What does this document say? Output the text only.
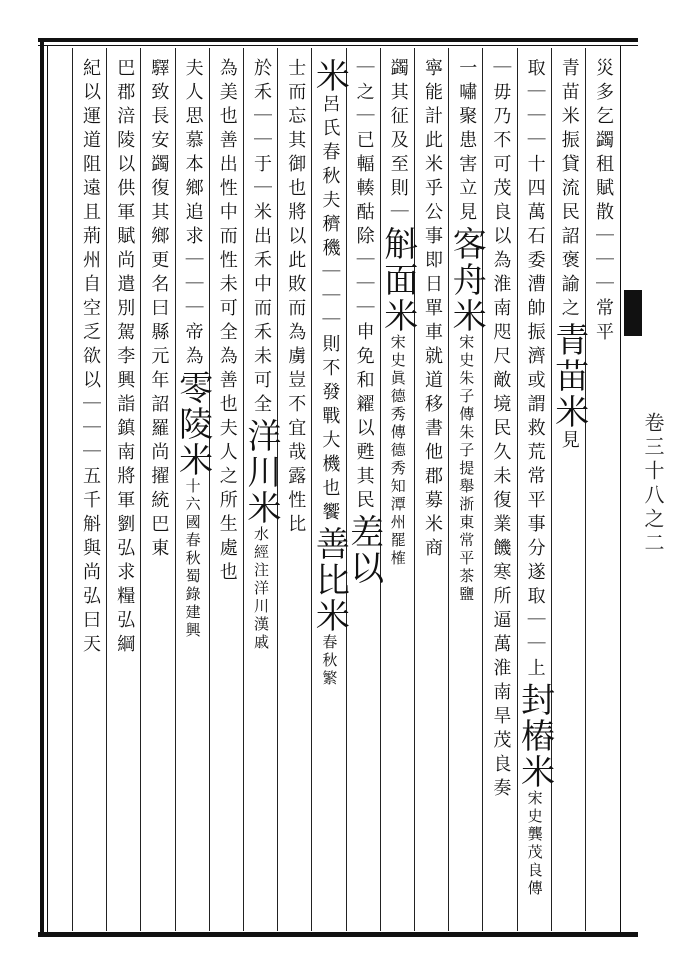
卷三十八之二
災多乞蠲租賦散｜｜｜常平
青苗米振貸流民詔褒諭之青苗米見
取｜｜｜十四萬石委漕帥振濟或謂救荒常平事分遂取｜｜上封樁米宋史龔茂良傳
｜毋乃不可茂良以為淮南咫尺敵境民久未復業饑寒所逼萬淮南旱茂良奏
一嘯聚患害立見客舟米宋史朱子傳朱子提舉浙東常平茶鹽
寧能計此米乎公事即日單車就道移書他郡募米商
蠲其征及至則｜斛面米宋史眞德秀傳德秀知潭州罷榷
｜之｜已輻輳酤除｜｜｜申免和糴以甦其民差以
米呂氏春秋夫穧穖｜｜｜則不發戰大機也饗善比米春秋繁
士而忘其御也將以此敗而為虜豈不宜哉露性比
於禾｜｜于｜米出禾中而禾未可全洋川米水經注洋川漢戚
為美也善出性中而性未可全為善也夫人之所生處也
夫人思慕本鄉追求｜｜｜帝為零陵米十六國春秋蜀錄建興
驛致長安蠲復其鄉更名曰縣元年詔羅尚擢統巴東
巴郡涪陵以供軍賦尚遣別駕李興詣鎮南將軍劉弘求糧弘綱
紀以運道阻遠且荊州自空乏欲以｜｜｜五千斛與尚弘曰天
